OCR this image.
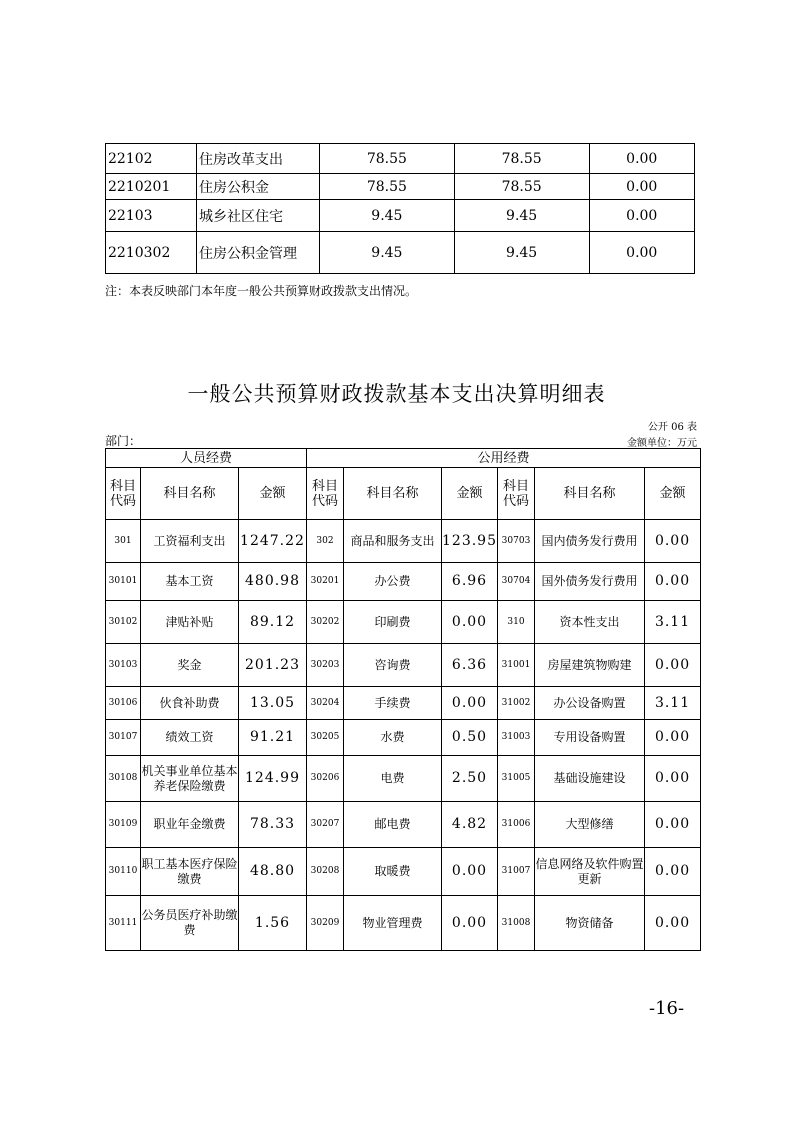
22102	住房改革支出	78.55	78.55	0.00
2210201	住房公积金	78.55	78.55	0.00
22103	城乡社区住宅	9.45	9.45	0.00
2210302	住房公积金管理	9.45	9.45	0.00
注：本表反映部门本年度一般公共预算财政拨款支出情况。
一般公共预算财政拨款基本支出决算明细表
公开 06 表
部门：	金额单位：万元
人员经费			公用经费					
科目代码	科目名称	金额	科目代码	科目名称	金额	科目代码	科目名称	金额
301	工资福利支出	1247.22	302	商品和服务支出	123.95	30703	国内债务发行费用	0.00
30101	基本工资	480.98	30201	办公费	6.96	30704	国外债务发行费用	0.00
30102	津贴补贴	89.12	30202	印刷费	0.00	310	资本性支出	3.11
30103	奖金	201.23	30203	咨询费	6.36	31001	房屋建筑物购建	0.00
30106	伙食补助费	13.05	30204	手续费	0.00	31002	办公设备购置	3.11
30107	绩效工资	91.21	30205	水费	0.50	31003	专用设备购置	0.00
30108	机关事业单位基本养老保险缴费	124.99	30206	电费	2.50	31005	基础设施建设	0.00
30109	职业年金缴费	78.33	30207	邮电费	4.82	31006	大型修缮	0.00
30110	职工基本医疗保险缴费	48.80	30208	取暖费	0.00	31007	信息网络及软件购置更新	0.00
30111	公务员医疗补助缴费	1.56	30209	物业管理费	0.00	31008	物资储备	0.00
-16-
